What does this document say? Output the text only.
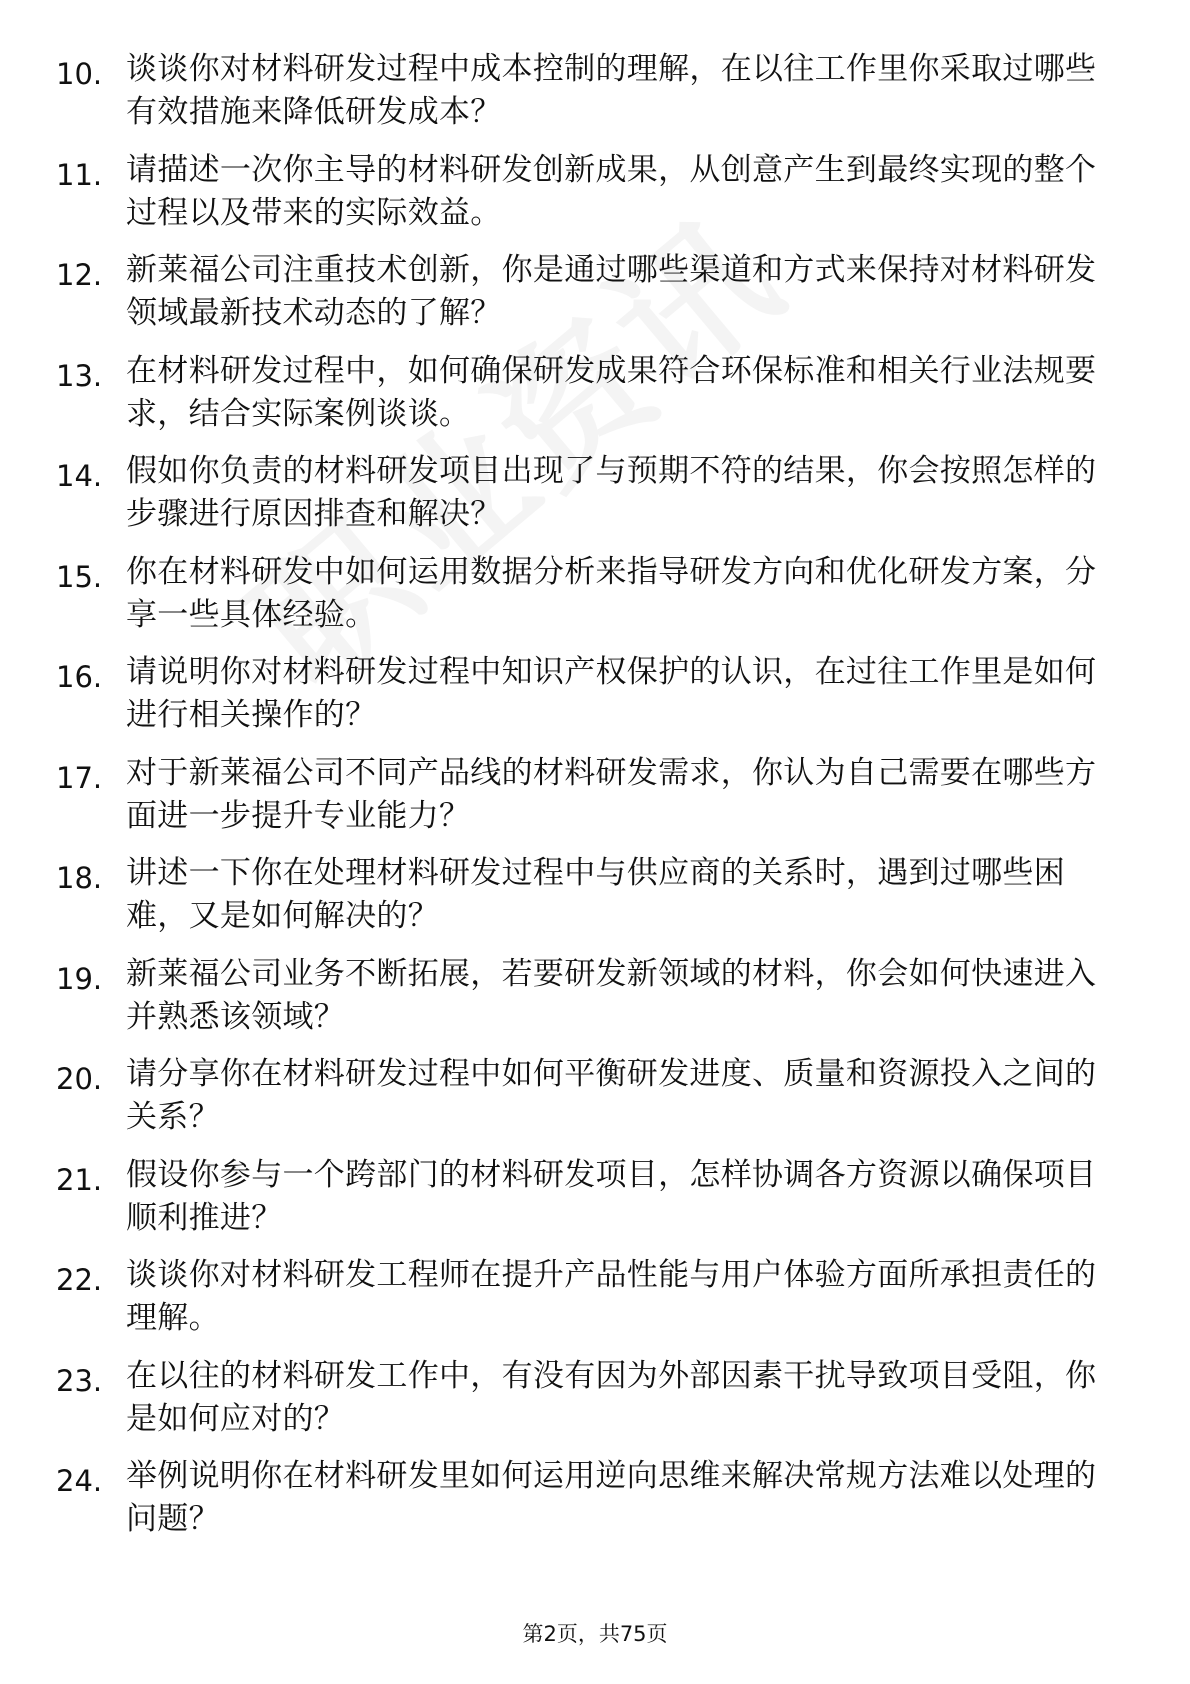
10. 谈谈你对材料研发过程中成本控制的理解，在以往工作里你采取过哪些有效措施来降低研发成本？
11. 请描述一次你主导的材料研发创新成果，从创意产生到最终实现的整个过程以及带来的实际效益。
12. 新莱福公司注重技术创新，你是通过哪些渠道和方式来保持对材料研发领域最新技术动态的了解？
13. 在材料研发过程中，如何确保研发成果符合环保标准和相关行业法规要求，结合实际案例谈谈。
14. 假如你负责的材料研发项目出现了与预期不符的结果，你会按照怎样的步骤进行原因排查和解决？
15. 你在材料研发中如何运用数据分析来指导研发方向和优化研发方案，分享一些具体经验。
16. 请说明你对材料研发过程中知识产权保护的认识，在过往工作里是如何进行相关操作的？
17. 对于新莱福公司不同产品线的材料研发需求，你认为自己需要在哪些方面进一步提升专业能力？
18. 讲述一下你在处理材料研发过程中与供应商的关系时，遇到过哪些困难，又是如何解决的？
19. 新莱福公司业务不断拓展，若要研发新领域的材料，你会如何快速进入并熟悉该领域？
20. 请分享你在材料研发过程中如何平衡研发进度、质量和资源投入之间的关系？
21. 假设你参与一个跨部门的材料研发项目，怎样协调各方资源以确保项目顺利推进？
22. 谈谈你对材料研发工程师在提升产品性能与用户体验方面所承担责任的理解。
23. 在以往的材料研发工作中，有没有因为外部因素干扰导致项目受阻，你是如何应对的？
24. 举例说明你在材料研发里如何运用逆向思维来解决常规方法难以处理的问题？
第2页，共75页
